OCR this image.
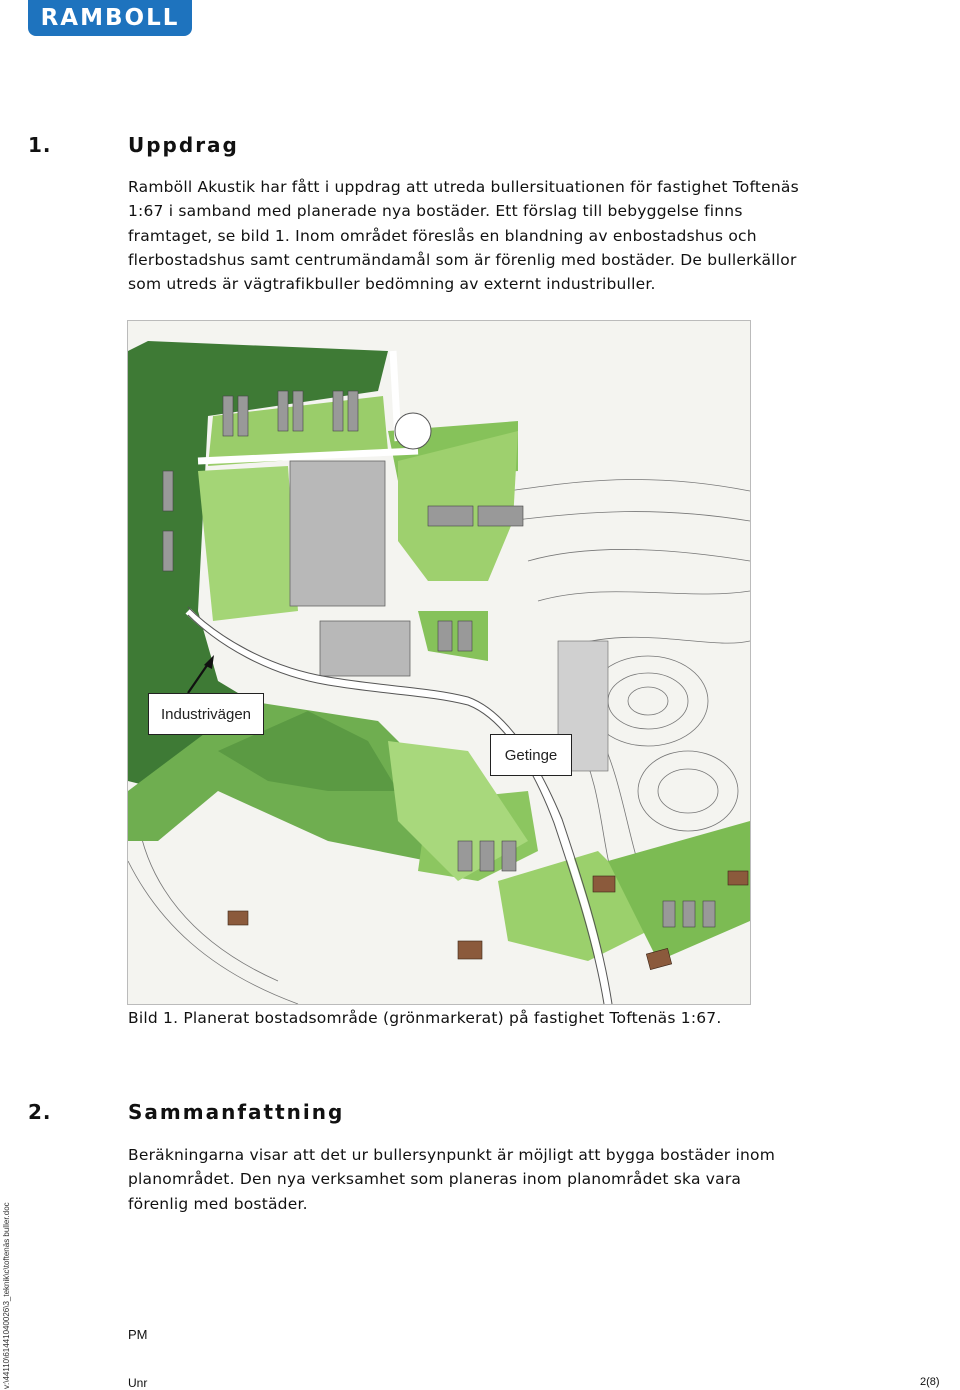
RAMBOLL
1.	Uppdrag

Ramböll Akustik har fått i uppdrag att utreda bullersituationen för fastighet Toftenäs 1:67 i samband med planerade nya bostäder. Ett förslag till bebyggelse finns framtaget, se bild 1. Inom området föreslås en blandning av enbostadshus och flerbostadshus samt centrumändamål som är förenlig med bostäder. De bullerkällor som utreds är vägtrafikbuller bedömning av externt industribuller.

Industrivägen
Getinge

Bild 1. Planerat bostadsområde (grönmarkerat) på fastighet Toftenäs 1:67.

2.	Sammanfattning

Beräkningarna visar att det ur bullersynpunkt är möjligt att bygga bostäder inom planområdet. Den nya verksamhet som planeras inom planområdet ska vara förenlig med bostäder.

v:\44110\61441040026\3_teknik\c\toftenäs buller.doc	PM
Unr	2(8)
